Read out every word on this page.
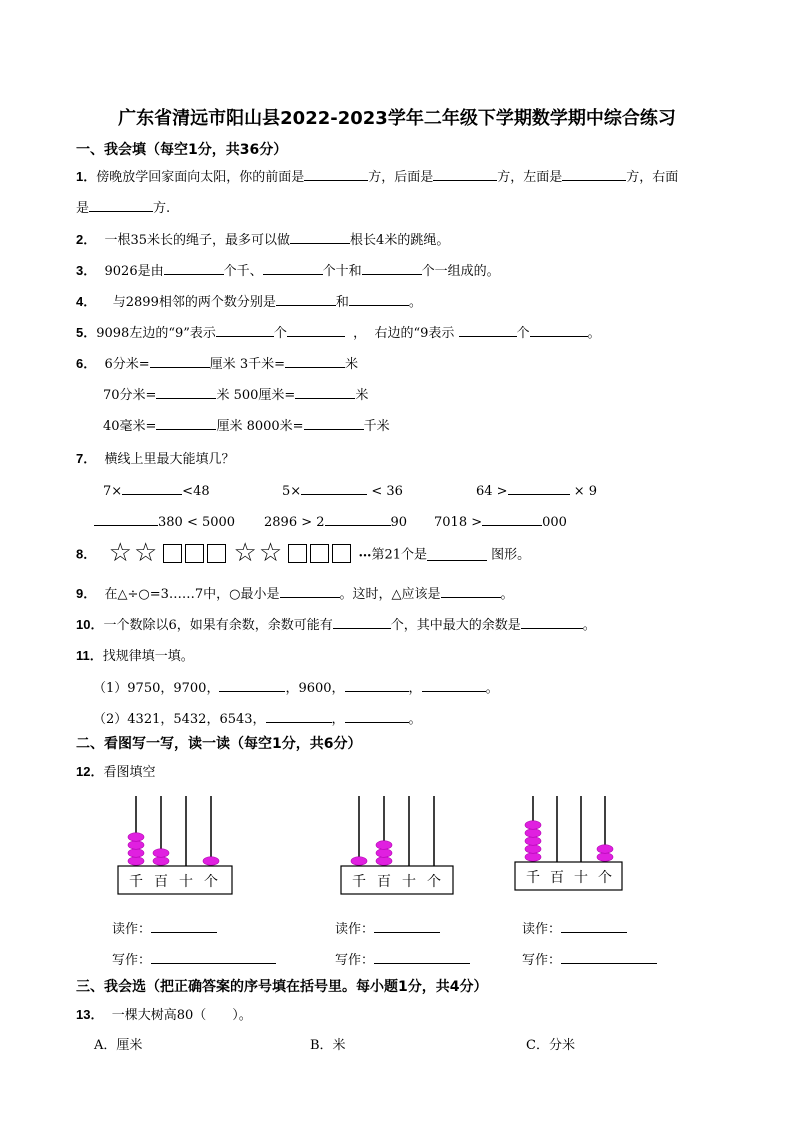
广东省清远市阳山县2022-2023学年二年级下学期数学期中综合练习
一、我会填（每空1分，共36分）
1．傍晚放学回家面向太阳，你的前面是	方，后面是	方，左面是	方，右面
是	方.
2． 一根35米长的绳子，最多可以做	根长4米的跳绳。
3． 9026是由	个千、	个十和	个一组成的。
4． 与2899相邻的两个数分别是	和	。
5．9098左边的“9”表示	个	， 右边的“9表示	个	。
6． 6分米=	厘米 3千米=	米
70分米=	米 500厘米=	米
40毫米=	厘米 8000米=	千米
7． 横线上里最大能填几？
7×	<48	5×	< 36	64 >	× 9
380 < 5000 2896 > 2	90 7018 >	000
8． ☆☆	☆☆	…第21个是	图形。
9． 在△÷○=3……7中，○最小是	。这时，△应该是	。
10．一个数除以6，如果有余数，余数可能有	个，其中最大的余数是	。
11．找规律填一填。
（1）9750，9700，	，9600，	，	。
（2）4321，5432，6543，	，	。
二、看图写一写，读一读（每空1分，共6分）
12．看图填空
千 百 十 个	千 百 十 个	千 百 十 个
读作：	读作：	读作：
写作：	写作：	写作：
三、我会选（把正确答案的序号填在括号里。每小题1分，共4分）
13． 一棵大树高80（　　）。
A．厘米	B．米	C．分米
